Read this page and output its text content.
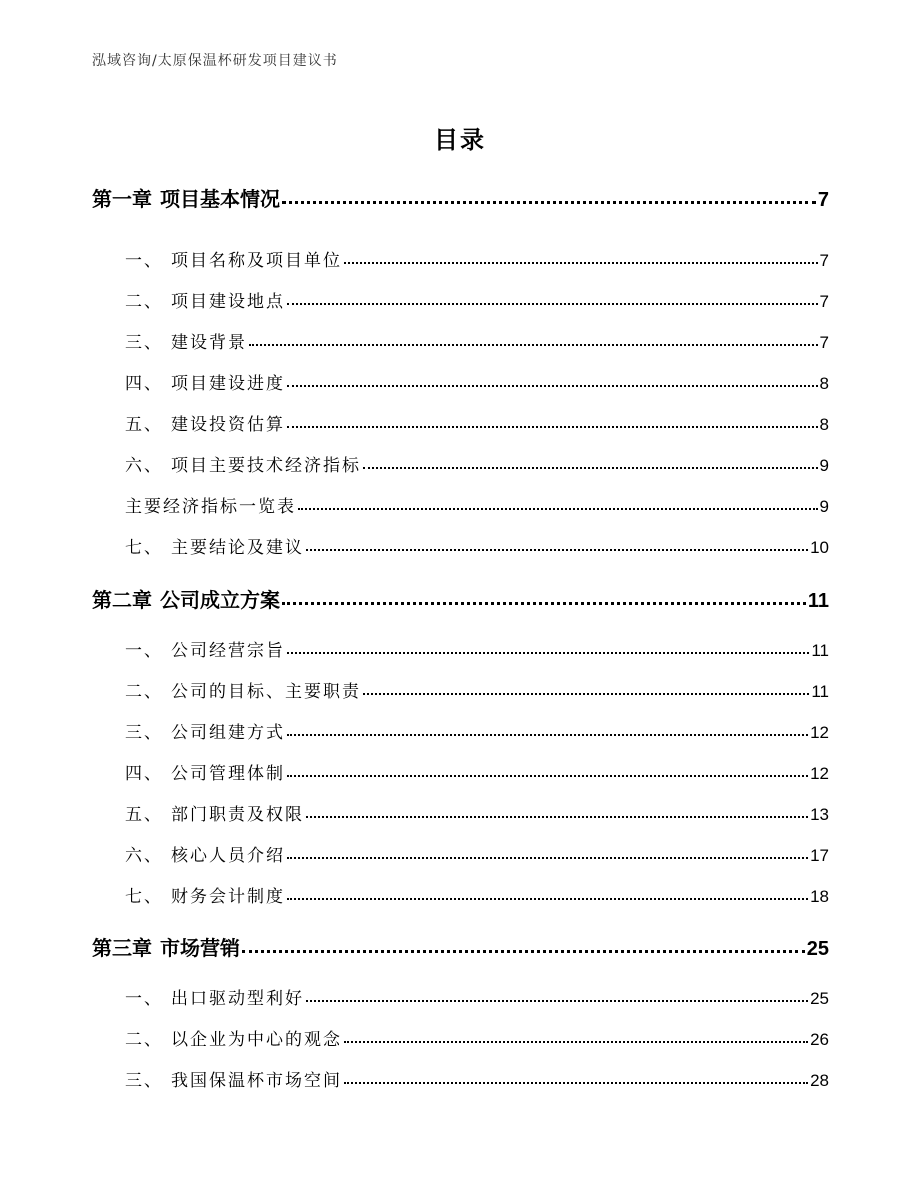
泓域咨询/太原保温杯研发项目建议书
目录
第一章 项目基本情况	7
一、 项目名称及项目单位	7
二、 项目建设地点	7
三、 建设背景	7
四、 项目建设进度	8
五、 建设投资估算	8
六、 项目主要技术经济指标	9
主要经济指标一览表	9
七、 主要结论及建议	10
第二章 公司成立方案	11
一、 公司经营宗旨	11
二、 公司的目标、主要职责	11
三、 公司组建方式	12
四、 公司管理体制	12
五、 部门职责及权限	13
六、 核心人员介绍	17
七、 财务会计制度	18
第三章 市场营销	25
一、 出口驱动型利好	25
二、 以企业为中心的观念	26
三、 我国保温杯市场空间	28
